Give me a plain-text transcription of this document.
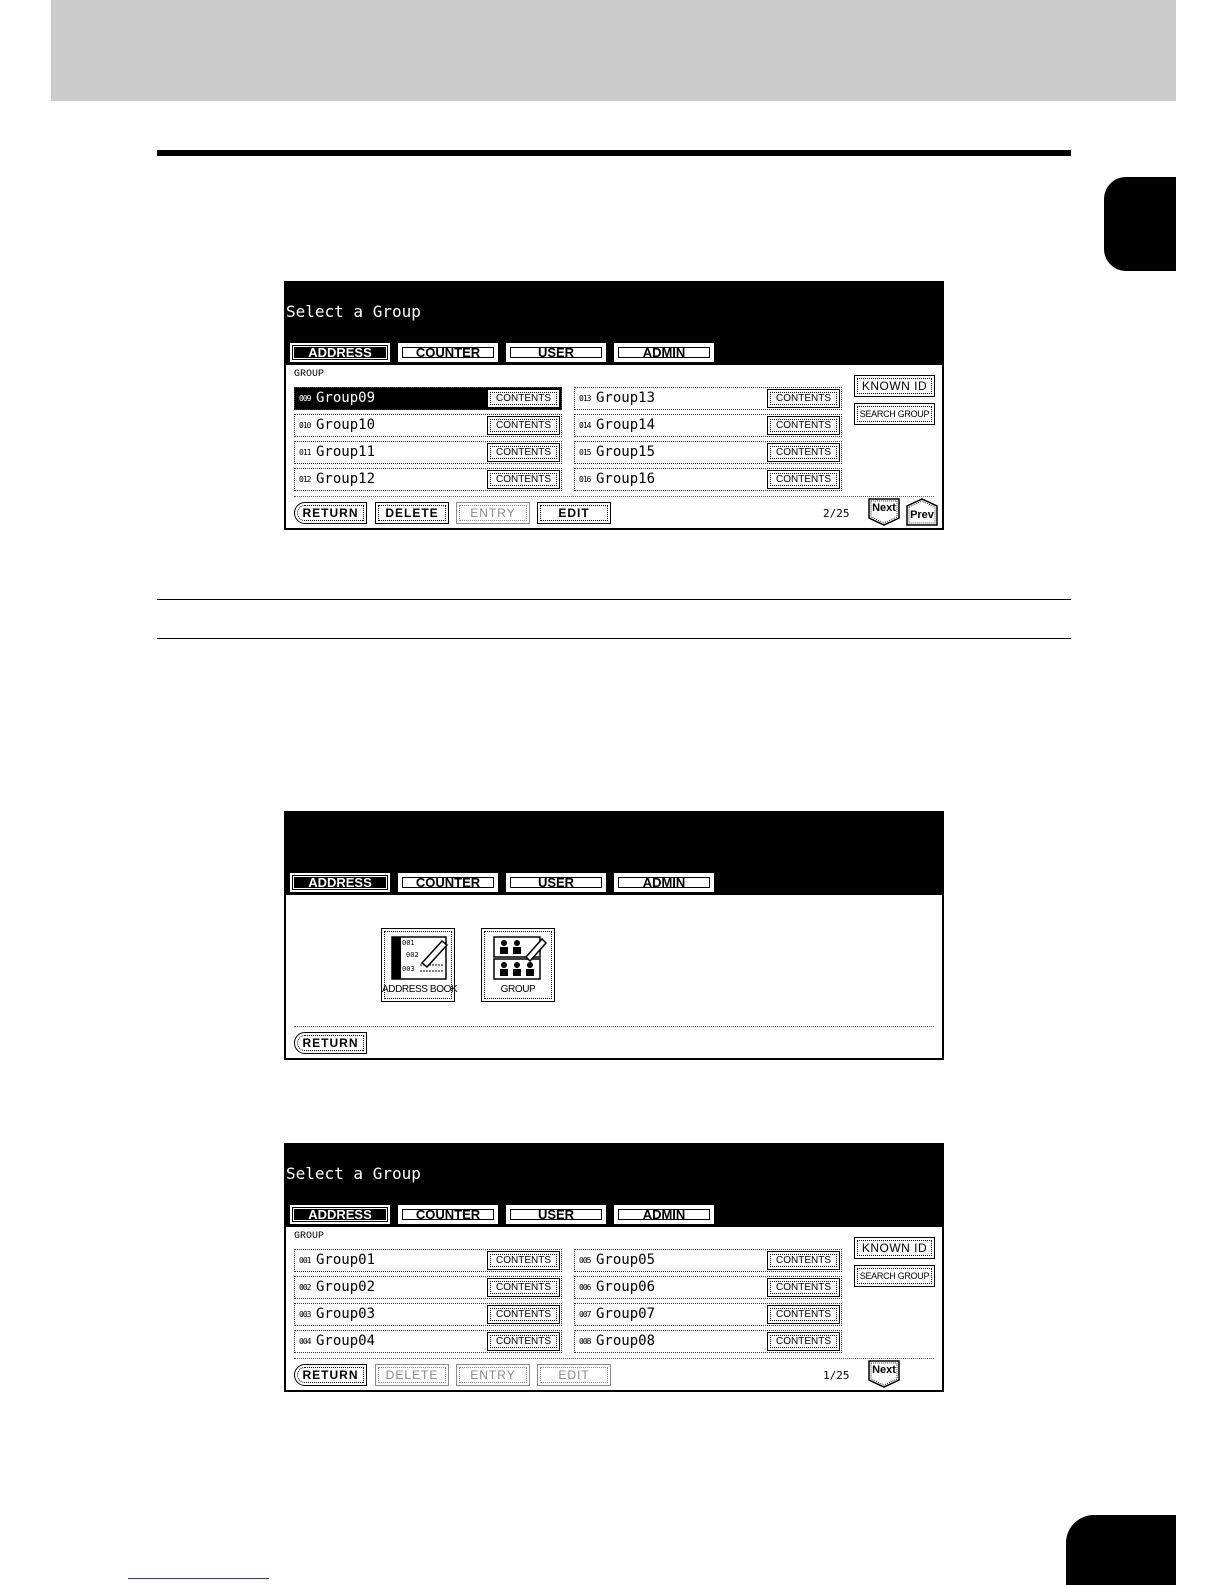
Select a Group
ADDRESS	COUNTER	USER	ADMIN
GROUP
009 Group09	CONTENTS
010 Group10	CONTENTS
011 Group11	CONTENTS
012 Group12	CONTENTS
013 Group13	CONTENTS
014 Group14	CONTENTS
015 Group15	CONTENTS
016 Group16	CONTENTS
KNOWN ID
SEARCH GROUP
RETURN	DELETE	ENTRY	EDIT	2/25	Next
Prev
ADDRESS	COUNTER	USER	ADMIN
001
002
003
ADDRESS BOOK	GROUP
RETURN
Select a Group
ADDRESS	COUNTER	USER	ADMIN
GROUP
001 Group01	CONTENTS
002 Group02	CONTENTS
003 Group03	CONTENTS
004 Group04	CONTENTS
005 Group05	CONTENTS
006 Group06	CONTENTS
007 Group07	CONTENTS
008 Group08	CONTENTS
KNOWN ID
SEARCH GROUP
RETURN	DELETE	ENTRY	EDIT	1/25	Next
